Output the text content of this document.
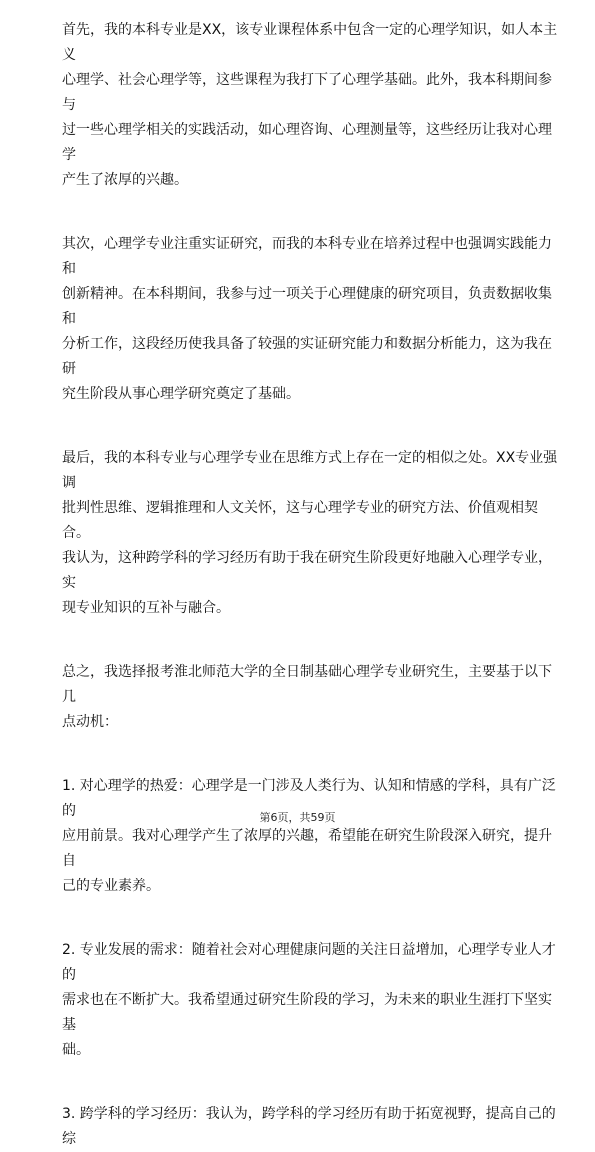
首先，我的本科专业是XX，该专业课程体系中包含一定的心理学知识，如人本主义
心理学、社会心理学等，这些课程为我打下了心理学基础。此外，我本科期间参与
过一些心理学相关的实践活动，如心理咨询、心理测量等，这些经历让我对心理学
产生了浓厚的兴趣。

其次，心理学专业注重实证研究，而我的本科专业在培养过程中也强调实践能力和
创新精神。在本科期间，我参与过一项关于心理健康的研究项目，负责数据收集和
分析工作，这段经历使我具备了较强的实证研究能力和数据分析能力，这为我在研
究生阶段从事心理学研究奠定了基础。

最后，我的本科专业与心理学专业在思维方式上存在一定的相似之处。XX专业强调
批判性思维、逻辑推理和人文关怀，这与心理学专业的研究方法、价值观相契合。
我认为，这种跨学科的学习经历有助于我在研究生阶段更好地融入心理学专业，实
现专业知识的互补与融合。

总之，我选择报考淮北师范大学的全日制基础心理学专业研究生，主要基于以下几
点动机：

1. 对心理学的热爱：心理学是一门涉及人类行为、认知和情感的学科，具有广泛的
应用前景。我对心理学产生了浓厚的兴趣，希望能在研究生阶段深入研究，提升自
己的专业素养。

2. 专业发展的需求：随着社会对心理健康问题的关注日益增加，心理学专业人才的
需求也在不断扩大。我希望通过研究生阶段的学习，为未来的职业生涯打下坚实基
础。

3. 跨学科的学习经历：我认为，跨学科的学习经历有助于拓宽视野，提高自己的综

第6页，共59页
